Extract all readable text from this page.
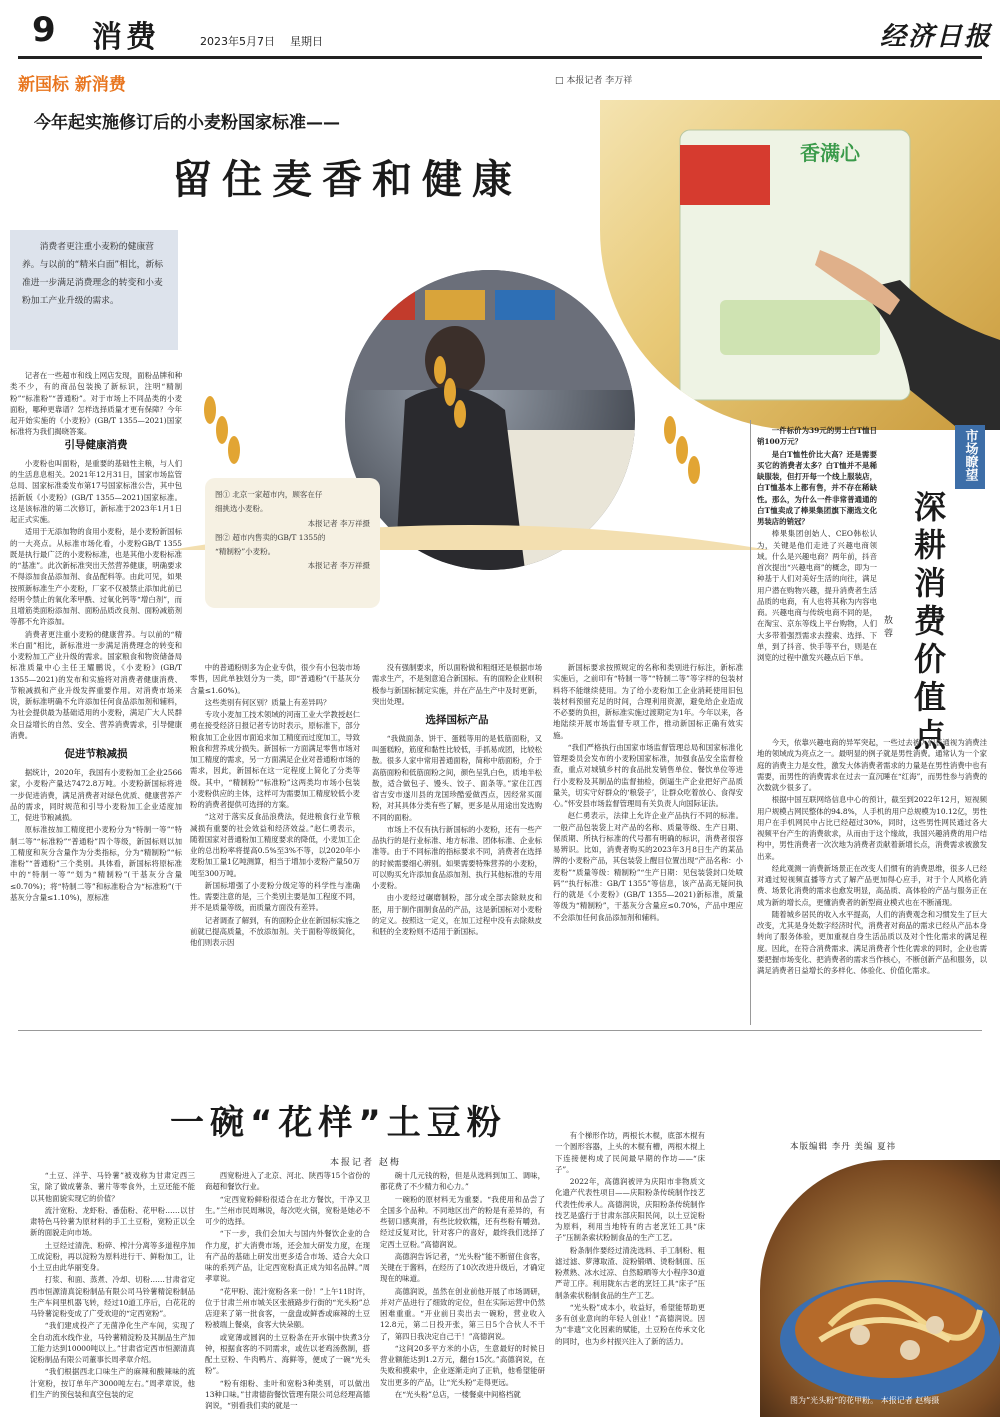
9 消费	2023年5月7日 星期日	经济日报
新国标 新消费	□ 本报记者 李万祥
今年起实施修订后的小麦粉国家标准——
留住麦香和健康
香满心
消费者更注重小麦粉的健康营养。与以前的“精米白面”相比，新标准进一步满足消费理念的转变和小麦粉加工产业升级的需求。

记者在一些超市和线上网店发现，面粉品牌和种类不少，有的商品包装换了新标识，注明“精制粉”“标准粉”“普通粉”。对于市场上不同品类的小麦面粉，哪种更靠谱？怎样选择质量才更有保障？今年起开始实施的《小麦粉》(GB/T 1355—2021)国家标准将为我们揭晓答案。

引导健康消费

小麦粉也叫面粉，是重要的基础性主粮，与人们的生活息息相关。2021年12月31日，国家市场监管总局、国家标准委发布第17号国家标准公告，其中包括新版《小麦粉》(GB/T 1355—2021)国家标准。这是该标准的第二次修订，新标准于2023年1月1日起正式实施。

适用于无添加物的食用小麦粉，是小麦粉新国标的一大亮点。从标准市场化看，小麦粉GB/T 1355既是执行最广泛的小麦粉标准，也是其他小麦粉标准的“基准”。此次新标准突出天然营养健康，明确要求不得添加食品添加剂、食品配料等。由此可见，如果按照新标准生产小麦粉，厂家不仅被禁止添加此前已经明令禁止的氧化苯甲酰、过氧化钙等“增白剂”，而且增筋类面粉添加剂、面粉品质改良剂、面粉减筋剂等都不允许添加。

消费者更注重小麦粉的健康营养。与以前的“精米白面”相比，新标准进一步满足消费理念的转变和小麦粉加工产业升级的需求。国家粮食和物资储备局标准质量中心主任王耀鹏说，《小麦粉》(GB/T 1355—2021)的发布和实施将对消费者健康消费、节粮减损和产业升级发挥重要作用。对消费市场来说，新标准明确不允许添加任何食品添加剂和辅料，为社会提供最为基础适用的小麦粉，满足广大人民群众日益增长的自然、安全、营养消费需求，引导健康消费。

促进节粮减损

据统计，2020年，我国有小麦粉加工企业2566家，小麦粉产量达7472.8万吨。小麦粉新国标将进一步促进消费，满足消费者对绿色优质、健康营养产品的需求，同时规范和引导小麦粉加工企业适度加工，促进节粮减损。

原标准按加工精度把小麦粉分为“特制一等”“特制二等”“标准粉”“普通粉”四个等级，新国标则以加工精度和灰分含量作为分类指标，分为“精制粉”“标准粉”“普通粉”三个类别。具体看，新国标将原标准中的“特制一等”“划为“精制粉”(干基灰分含量≤0.70%)；将“特制二等”和标准粉合为“标准粉”(干基灰分含量≤1.10%)，原标准

图① 北京一家超市内，顾客在仔
细挑选小麦粉。
本报记者 李万祥摄
图② 超市内售卖的GB/T 1355的
“精制粉”小麦粉。
本报记者 李万祥摄

中的普通粉则多为企业专供，很少有小包装市场零售，因此单独划分为一类，即“普通粉”(干基灰分含量≤1.60%)。

这些类别有何区别？质量上有差异吗？

专攻小麦加工技术领域的河南工业大学教授赵仁勇在接受经济日报记者专访时表示，原标准下，部分粮食加工企业因市面追求加工精度而过度加工，导致粮食和营养成分损失。新国标一方面满足零售市场对加工精度的需求，另一方面满足企业对普通粉市场的需求，因此，新国标在这一定程度上简化了分类等级。其中，“精制粉”“标准粉”这两类均市场小包装小麦粉供应的主体，这样可为需要加工精度较低小麦粉的消费者提供可选择的方案。

“这对于落实反食品浪费法，促进粮食行业节粮减损有重要的社会效益和经济效益。”赵仁勇表示，随着国家对普通粉加工精度要求的降低，小麦加工企业的总出粉率将提高0.5%至3%不等，以2020年小麦粉加工量1亿吨测算，相当于增加小麦粉产量50万吨至300万吨。

新国标增强了小麦粉分级定等的科学性与准确性。需要注意的是，三个类别主要是加工程度不同，并不是质量等级，而质量方面没有差异。

记者调查了解到，有的面粉企业在新国标实施之前就已提高质量，不放添加剂。关于面粉等级简化，他们则表示因

没有强制要求，所以面粉做和粗细还是根据市场需求生产，不是刻意追合新国标。有的面粉企业则积极参与新国标制定实施，并在产品生产中及时更新，突出处理。

选择国标产品

“我做面条、饼干、蛋糕等用的是低筋面粉，又叫蛋糕粉，筋度和黏性比较低，手抓易成团，比较松散。很多人家中常用普通面粉，简称中筋面粉，介于高筋面粉和低筋面粉之间，颜色呈乳白色，质地半松散，适合做包子、馒头、饺子、面条等。”家住江西省吉安市遂川县的龙国珍酷爱做西点，因经常买面粉，对其具体分类有些了解，更多是从用途出发选购不同的面粉。

市场上不仅有执行新国标的小麦粉，还有一些产品执行的是行业标准、地方标准、团体标准、企业标准等。由于不同标准的指标要求不同，消费者在选择的时候需要细心辨别。如果需要特殊营养的小麦粉，可以购买允许添加食品添加剂、执行其他标准的专用小麦粉。

由小麦经过碾磨制粉，部分或全部去除麸皮和胚，用于制作面制食品的产品，这是新国标对小麦粉的定义。按照这一定义，在加工过程中没有去除麸皮和胚的全麦粉则不适用于新国标。

新国标要求按照规定的名称和类别进行标注，新标准实施后，之前印有“特制一等”“特制二等”等字样的包装材料将不能继续使用。为了给小麦粉加工企业消耗使用旧包装材料预留充足的时间，合理利用资源，避免给企业造成不必要的负担，新标准实施过渡期定为1年。今年以来，各地陆续开展市场监督专项工作，推动新国标正确有效实施。

“我们严格执行由国家市场监督管理总局和国家标准化管理委员会发布的小麦粉国家标准，加强食品安全监督检查，重点对城镇乡村的食品批发销售单位、餐饮单位等进行小麦粉及其制品的监督抽检，倒逼生产企业把好产品质量关，切实守好群众的‘粮袋子’，让群众吃着放心、食得安心。”怀安县市场监督管理局有关负责人向国际证法。

赵仁勇表示，法律上允许企业产品执行不同的标准。一般产品包装袋上对产品的名称、质量等级、生产日期、保质期、所执行标准的代号都有明确的标识，消费者很容易辨识。比如，消费者购买的2023年3月8日生产的某品牌的小麦粉产品，其包装袋上醒目位置出现“产品名称：小麦粉”“质量等级：精制粉”“生产日期：见包装袋封口处喷码”“执行标准：GB/T 1355”等信息，该产品高无疑问执行的就是《小麦粉》(GB/T 1355—2021)新标准，质量等级为“精制粉”，干基灰分含量应≤0.70%，产品中理应不会添加任何食品添加剂和辅料。

市场瞭望
深耕消费价值点
敖蓉

一件标价为39元的男士白T恤日销100万元？

是白T恤性价比大高？还是需要买它的消费者太多？白T恤并不是稀缺服装，但打开每一个线上服装店，白T恤基本上都有售，并不存在稀缺性。那么，为什么一件非常普通通的白T恤卖成了棒果集团旗下潮选文化男装店的销冠？

棒果集团创始人、CEO韩松认为，关键是他们走进了兴趣电商领域。什么是兴趣电商？两年前，抖音首次提出“兴趣电商”的概念，即为一种基于人们对美好生活的向往，满足用户潜在购物兴趣，提升消费者生活品质的电商，有人也将其称为内容电商。兴趣电商与传统电商不同的是，在淘宝、京东等线上平台购物，人们大多带着强烈需求去搜索、选择、下单，到了抖音、快手等平台，则是在浏览的过程中激发兴趣点后下单。

今天，依靠兴趣电商的异军突起，一些过去被人们普通视为消费洼地的领域成为亮点之一。最明显的例子就是男性消费。通常认为一个家庭的消费主力是女性，激发大体消费者需求的力量是在男性消费中也有需要，而男性的消费需求在过去一直沉睡在“红海”，而男性参与消费的次数就少很多了。

根据中国互联网络信息中心的预计，截至到2022年12月，短视频用户规模占网民整体的94.8%，人手机的用户总规模为10.12亿，男性用户在手机网民中占比已经超过30%，同时，这些男性网民通过各大视频平台产生的消费欲求，从而由于这个缘故，我国兴趣消费的用户结构中，男性消费者一次次地为消费者贡献着新增长点，消费需求被激发出来。

经此观测一消费新场景正在改变人们惯有的消费思维，很多人已经对通过短视频直播等方式了解产品更加得心应手，对于个人风格化消费、场景化消费的需求也愈发明显，高品质、高体验的产品与服务正在成为新的增长点，更懂消费者的新型商业模式也在不断涌现。

随着城乡居民的收入水平提高，人们的消费观念和习惯发生了巨大改变，尤其是身处数字经济时代，消费者对商品的需求已经从产品本身转向了服务体验，更加重视自身生活品质以及对个性化需求的满足程度。因此，在符合消费需求、满足消费者个性化需求的同时，企业也需要把握市场变化、把消费者的需求当作核心，不断创新产品和服务，以满足消费者日益增长的多样化、体验化、价值化需求。

本版编辑 李丹 美编 夏祎
一碗“花样”土豆粉
本报记者 赵梅

“土豆、洋芋、马铃薯”被戏称为甘肃定西三宝，除了做成薯条、薯片等零食外，土豆还能不能以其他面貌实现它的价值？

流汁宽粉、龙虾粉、番茄粉、花甲粉……以甘肃特色马铃薯为原材料的手工土豆粉，宽粉正以全新的面貌走向市场。

土豆经过清洗、粉碎、榨汁分离等多道程序加工成淀粉，再以淀粉为原料进行干、鲜粉加工，让小土豆由此华丽变身。

打浆、和面、蒸煮、冷却、切粉……甘肃省定西市恒源清真淀粉制品有限公司马铃薯精淀粉制品生产车间里机器飞转，经过10道工序后，白花花的马铃薯淀粉变成了广受欢迎的“定西宽粉”。

“我们建成投产了无菌净化生产车间，实现了全自动流水线作业，马铃薯精淀粉及其制品生产加工能力达到10000吨以上。”甘肃省定西市恒源清真淀粉制品有限公司董事长周孝章介绍。

“我们根据西北口味生产的麻辣和酸辣味的流汁宽粉，按订单年产3000吨左右。”周孝章说，他们生产的预包装和真空包装的定

西宽粉进入了北京、河北、陕西等15个省份的商超和餐饮行业。

“定西宽粉鲜粉很适合在北方餐饮，干净又卫生。”兰州市民周琳说，每次吃火锅，宽粉是她必不可少的选择。

“下一步，我们会加大与国内外餐饮企业的合作力度，扩大消费市场，还会加大研发力度，在现有产品的基础上研发出更多适合市场、适合大众口味的系列产品，让定西宽粉真正成为知名品牌。”周孝章说。

“花甲粉、流汁宽粉各来一份！”上午11时许，位于甘肃兰州市城关区张掖路步行街的“光头粉”总店迎来了第一批食客，一盘盘或鲜香或麻辣的土豆粉被端上餐桌，食客大快朵颐。

或宽薄或圆润的土豆粉条在开水锅中快煮3分钟，根据食客的不同需求，或佐以老鸡汤熬制，搭配土豆粉、牛肉鸭片、海鲜等，便成了一碗“光头粉”。

“粉有细粉、韭叶和宽粉3种类别，可以做出13种口味。”甘肃德韵餐饮管理有限公司总经理高德润说，“别看我们卖的就是一

碗十几元钱的粉，但是从选料到加工、调味，都花费了不少精力和心力。”

一碗粉的原材料无为重要。“我使用和品尝了全国多个品种。不同地区出产的粉是有差异的，有些韧口感爽滑，有些比较软糯，还有些粉有嚼劲。经过反复对比，针对客户的喜好，最终我们选择了定西土豆粉。”高德润说。

高德润告诉记者，“光头粉”能不断留住食客，关键在于酱料，在经历了10次改进升级后，才确定现在的味道。

高德润说，虽然在创业前他开展了市场调研，并对产品进行了细致的定位，但在实际运营中仍然困难重重。“开业前日卖出去一碗粉，营业收入12.8元，第二日投开张，第三日5个合伙人不干了，第四日我决定自己干！”高德润说。

“这间20多平方米的小店，生意最好的时候日营业额能达到1.2万元，翻台15次。”高德润说，在失败和摸索中，企业逐渐走向了正轨，他希望能研发出更多的产品，让“光头粉”走得更远。

在“光头粉”总店，一楼餐桌中间格档就

有个梯形作坊，两根长木棍，底部木棍有一个圆形容器，上头的木棍有槽，两根木棍上下连接便构成了民间最早期的作坊——“床子”。

2022年，高德润被评为庆阳市非物质文化遗产代表性项目——庆阳粉条传统制作技艺代表性传承人。高德润说，庆阳粉条传统制作技艺是盛行于甘肃东部庆阳民间，以土豆淀粉为原料，利用当地特有的古老烹饪工具“床子”压制条索状粉制食品的生产工艺。

粉条制作要经过清洗选料、手工制粉、粗滤过滤、萝薄取渣、淀粉锻晒、烫粉制面、压粉煮熟、冰水过凉、自然晾晒等大小程序30道严苛工序。利用陇东古老的烹饪工具“床子”压制条索状粉制食品的生产工艺。

“光头粉”成本小，收益好，希望能帮助更多有创业意向的年轻人创业！”高德润说。因为“非遗”文化因素的赋能，土豆粉在传承文化的同时，也为乡村振兴注入了新的活力。

图为“光头粉”的花甲粉。 本报记者 赵梅摄
